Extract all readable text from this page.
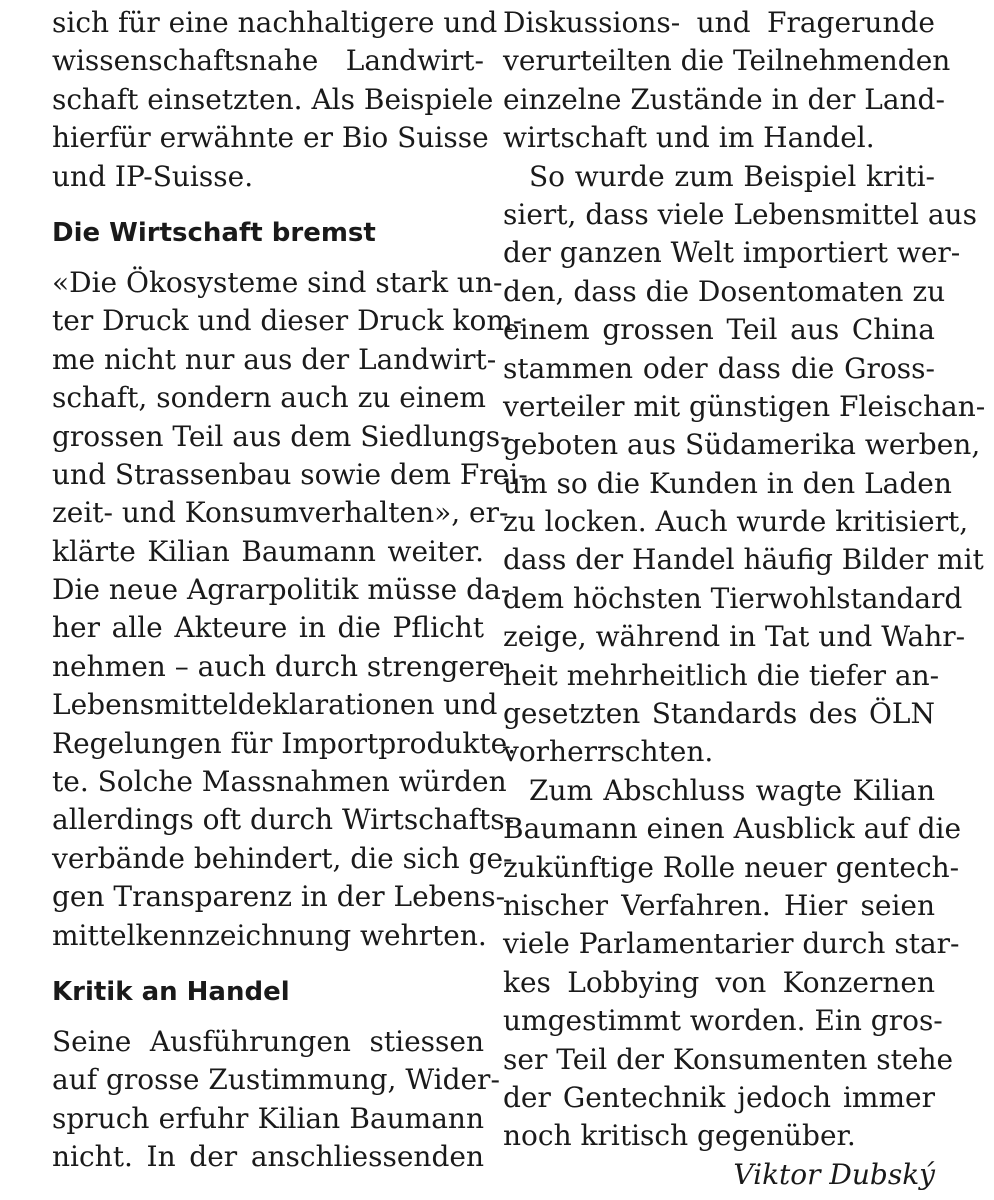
sich für eine nachhaltigere und
wissenschaftsnahe Landwirt-
schaft einsetzten. Als Beispiele
hierfür erwähnte er Bio Suisse
und IP-Suisse.
Die Wirtschaft bremst
«Die Ökosysteme sind stark un-
ter Druck und dieser Druck kom-
me nicht nur aus der Landwirt-
schaft, sondern auch zu einem
grossen Teil aus dem Siedlungs-
und Strassenbau sowie dem Frei-
zeit- und Konsumverhalten», er-
klärte Kilian Baumann weiter.
Die neue Agrarpolitik müsse da-
her alle Akteure in die Pflicht
nehmen – auch durch strengere
Lebensmitteldeklarationen und
Regelungen für Importprodukte.
te. Solche Massnahmen würden
allerdings oft durch Wirtschafts-
verbände behindert, die sich ge-
gen Transparenz in der Lebens-
mittelkennzeichnung wehrten.
Kritik an Handel
Seine Ausführungen stiessen
auf grosse Zustimmung, Wider-
spruch erfuhr Kilian Baumann
nicht. In der anschliessenden
Diskussions- und Fragerunde
verurteilten die Teilnehmenden
einzelne Zustände in der Land-
wirtschaft und im Handel.
So wurde zum Beispiel kriti-
siert, dass viele Lebensmittel aus
der ganzen Welt importiert wer-
den, dass die Dosentomaten zu
einem grossen Teil aus China
stammen oder dass die Gross-
verteiler mit günstigen Fleischan-
geboten aus Südamerika werben,
um so die Kunden in den Laden
zu locken. Auch wurde kritisiert,
dass der Handel häufig Bilder mit
dem höchsten Tierwohlstandard
zeige, während in Tat und Wahr-
heit mehrheitlich die tiefer an-
gesetzten Standards des ÖLN
vorherrschten.
Zum Abschluss wagte Kilian
Baumann einen Ausblick auf die
zukünftige Rolle neuer gentech-
nischer Verfahren. Hier seien
viele Parlamentarier durch star-
kes Lobbying von Konzernen
umgestimmt worden. Ein gros-
ser Teil der Konsumenten stehe
der Gentechnik jedoch immer
noch kritisch gegenüber.
Viktor Dubský
